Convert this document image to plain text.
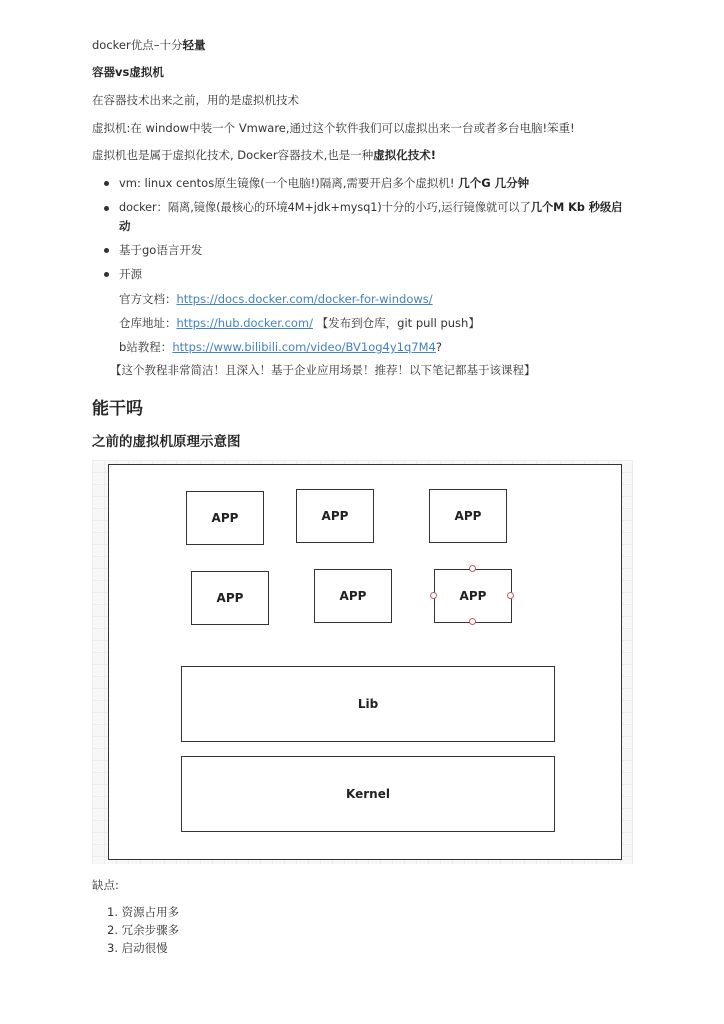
docker优点–十分轻量
容器vs虚拟机
在容器技术出来之前，用的是虚拟机技术
虚拟机:在 window中装一个 Vmware,通过这个软件我们可以虚拟出来一台或者多台电脑!笨重!
虚拟机也是属于虚拟化技术, Docker容器技术,也是一种虚拟化技术!
vm: linux centos原生镜像(一个电脑!)隔离,需要开启多个虚拟机! 几个G 几分钟
docker：隔离,镜像(最核心的环境4M+jdk+mysq1)十分的小巧,运行镜像就可以了几个M Kb 秒级启
动
基于go语言开发
开源
官方文档：https://docs.docker.com/docker-for-windows/
仓库地址：https://hub.docker.com/ 【发布到仓库，git pull push】
b站教程：https://www.bilibili.com/video/BV1og4y1q7M4?
【这个教程非常简洁！且深入！基于企业应用场景！推荐！以下笔记都基于该课程】
能干吗
之前的虚拟机原理示意图
APP	APP	APP
APP	APP	APP
Lib
Kernel
缺点:
1. 资源占用多
2. 冗余步骤多
3. 启动很慢
